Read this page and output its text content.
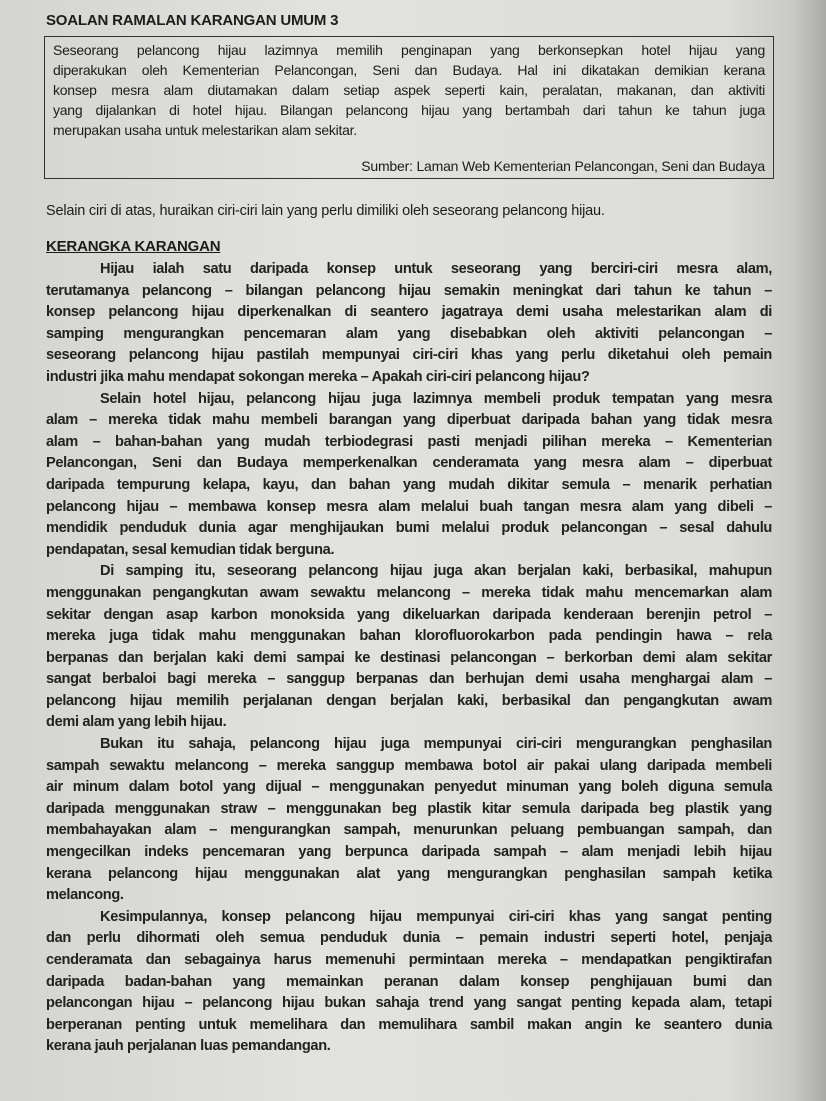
SOALAN RAMALAN KARANGAN UMUM 3
Seseorang pelancong hijau lazimnya memilih penginapan yang berkonsepkan hotel hijau yang
diperakukan oleh Kementerian Pelancongan, Seni dan Budaya. Hal ini dikatakan demikian kerana
konsep mesra alam diutamakan dalam setiap aspek seperti kain, peralatan, makanan, dan aktiviti
yang dijalankan di hotel hijau. Bilangan pelancong hijau yang bertambah dari tahun ke tahun juga
merupakan usaha untuk melestarikan alam sekitar.
Sumber: Laman Web Kementerian Pelancongan, Seni dan Budaya
Selain ciri di atas, huraikan ciri-ciri lain yang perlu dimiliki oleh seseorang pelancong hijau.
KERANGKA KARANGAN
Hijau ialah satu daripada konsep untuk seseorang yang berciri-ciri mesra alam,
terutamanya pelancong – bilangan pelancong hijau semakin meningkat dari tahun ke tahun –
konsep pelancong hijau diperkenalkan di seantero jagatraya demi usaha melestarikan alam di
samping mengurangkan pencemaran alam yang disebabkan oleh aktiviti pelancongan –
seseorang pelancong hijau pastilah mempunyai ciri-ciri khas yang perlu diketahui oleh pemain
industri jika mahu mendapat sokongan mereka – Apakah ciri-ciri pelancong hijau?
Selain hotel hijau, pelancong hijau juga lazimnya membeli produk tempatan yang mesra
alam – mereka tidak mahu membeli barangan yang diperbuat daripada bahan yang tidak mesra
alam – bahan-bahan yang mudah terbiodegrasi pasti menjadi pilihan mereka – Kementerian
Pelancongan, Seni dan Budaya memperkenalkan cenderamata yang mesra alam – diperbuat
daripada tempurung kelapa, kayu, dan bahan yang mudah dikitar semula – menarik perhatian
pelancong hijau – membawa konsep mesra alam melalui buah tangan mesra alam yang dibeli –
mendidik penduduk dunia agar menghijaukan bumi melalui produk pelancongan – sesal dahulu
pendapatan, sesal kemudian tidak berguna.
Di samping itu, seseorang pelancong hijau juga akan berjalan kaki, berbasikal, mahupun
menggunakan pengangkutan awam sewaktu melancong – mereka tidak mahu mencemarkan alam
sekitar dengan asap karbon monoksida yang dikeluarkan daripada kenderaan berenjin petrol –
mereka juga tidak mahu menggunakan bahan klorofluorokarbon pada pendingin hawa – rela
berpanas dan berjalan kaki demi sampai ke destinasi pelancongan – berkorban demi alam sekitar
sangat berbaloi bagi mereka – sanggup berpanas dan berhujan demi usaha menghargai alam –
pelancong hijau memilih perjalanan dengan berjalan kaki, berbasikal dan pengangkutan awam
demi alam yang lebih hijau.
Bukan itu sahaja, pelancong hijau juga mempunyai ciri-ciri mengurangkan penghasilan
sampah sewaktu melancong – mereka sanggup membawa botol air pakai ulang daripada membeli
air minum dalam botol yang dijual – menggunakan penyedut minuman yang boleh diguna semula
daripada menggunakan straw – menggunakan beg plastik kitar semula daripada beg plastik yang
membahayakan alam – mengurangkan sampah, menurunkan peluang pembuangan sampah, dan
mengecilkan indeks pencemaran yang berpunca daripada sampah – alam menjadi lebih hijau
kerana pelancong hijau menggunakan alat yang mengurangkan penghasilan sampah ketika
melancong.
Kesimpulannya, konsep pelancong hijau mempunyai ciri-ciri khas yang sangat penting
dan perlu dihormati oleh semua penduduk dunia – pemain industri seperti hotel, penjaja
cenderamata dan sebagainya harus memenuhi permintaan mereka – mendapatkan pengiktirafan
daripada badan-bahan yang memainkan peranan dalam konsep penghijauan bumi dan
pelancongan hijau – pelancong hijau bukan sahaja trend yang sangat penting kepada alam, tetapi
berperanan penting untuk memelihara dan memulihara sambil makan angin ke seantero dunia
kerana jauh perjalanan luas pemandangan.
